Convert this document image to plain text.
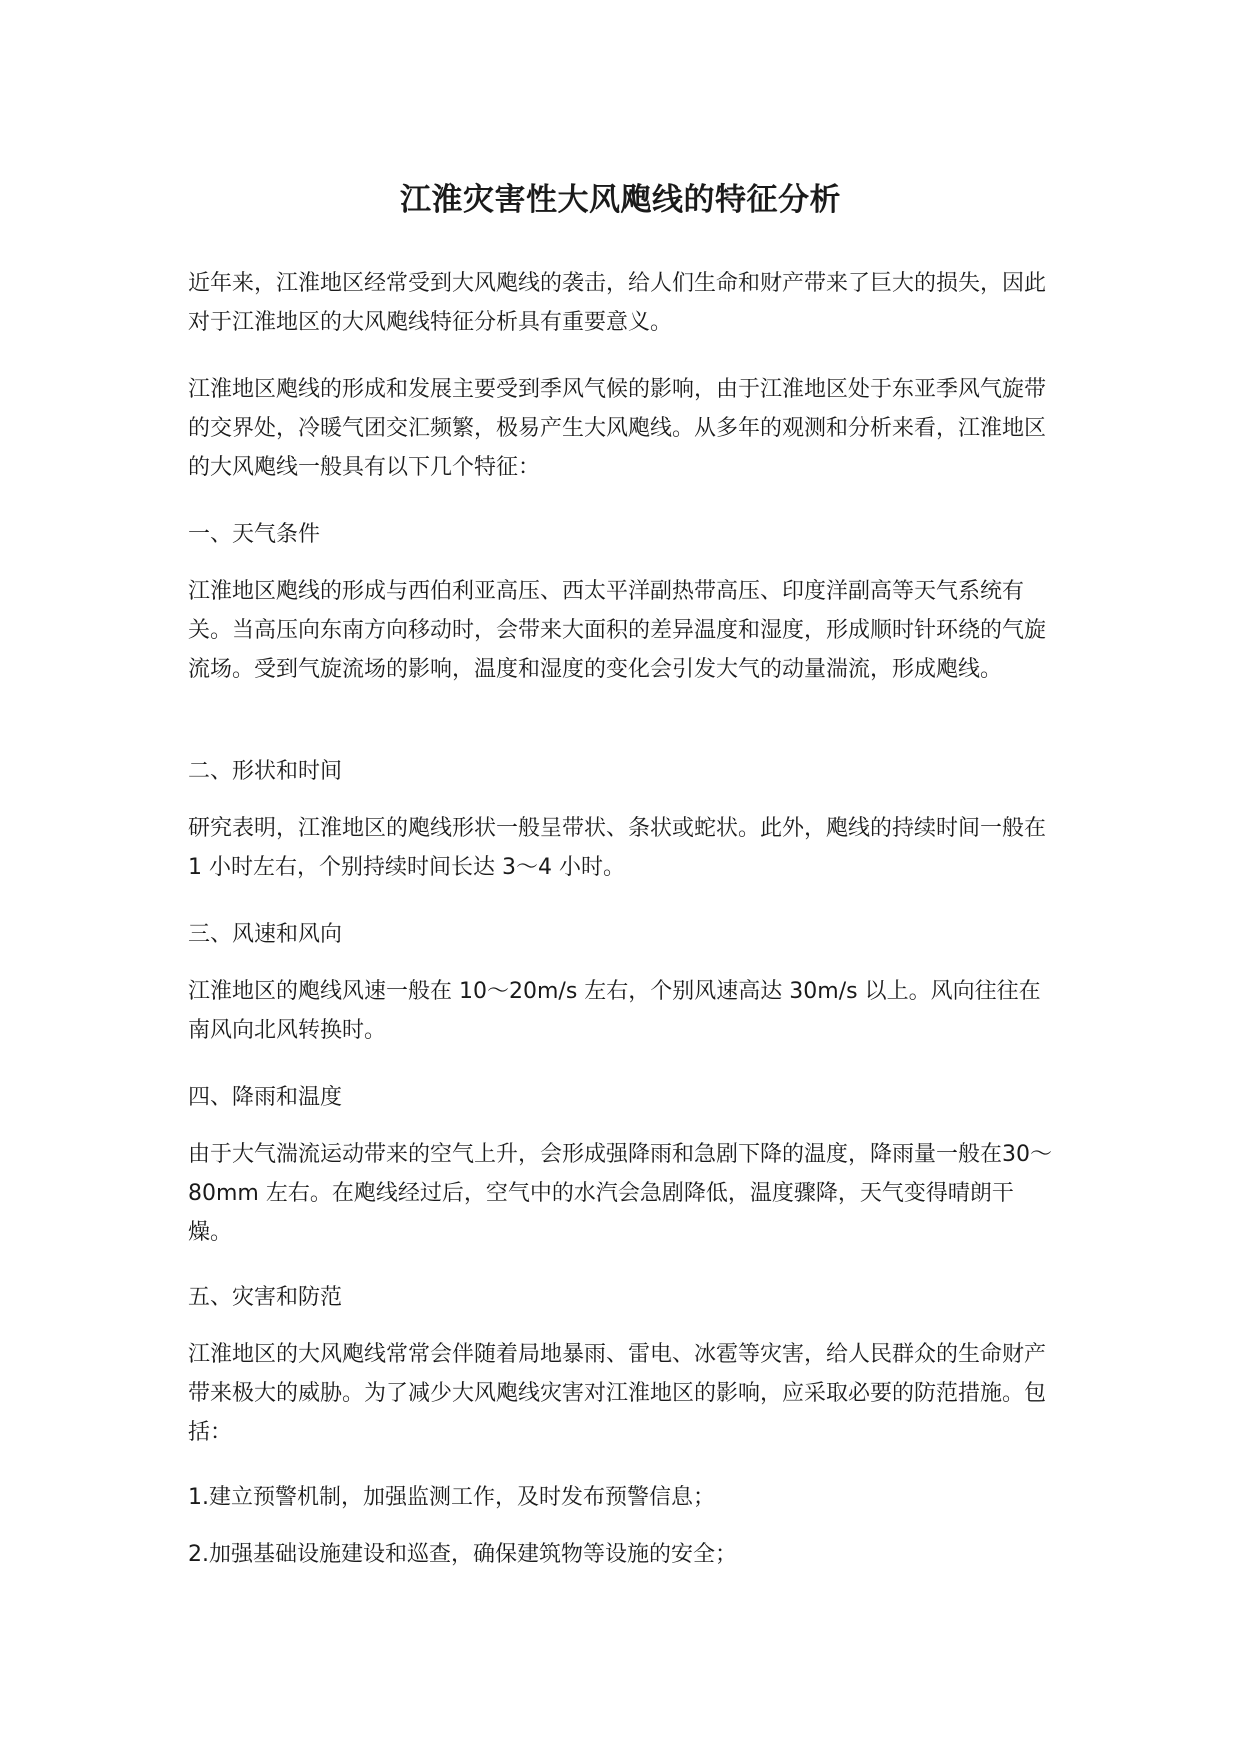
江淮灾害性大风飑线的特征分析

近年来，江淮地区经常受到大风飑线的袭击，给人们生命和财产带来了巨大的损失，因此对于江淮地区的大风飑线特征分析具有重要意义。

江淮地区飑线的形成和发展主要受到季风气候的影响，由于江淮地区处于东亚季风气旋带的交界处，冷暖气团交汇频繁，极易产生大风飑线。从多年的观测和分析来看，江淮地区的大风飑线一般具有以下几个特征：

一、天气条件

江淮地区飑线的形成与西伯利亚高压、西太平洋副热带高压、印度洋副高等天气系统有关。当高压向东南方向移动时，会带来大面积的差异温度和湿度，形成顺时针环绕的气旋流场。受到气旋流场的影响，温度和湿度的变化会引发大气的动量湍流，形成飑线。

二、形状和时间

研究表明，江淮地区的飑线形状一般呈带状、条状或蛇状。此外，飑线的持续时间一般在 1 小时左右，个别持续时间长达 3～4 小时。

三、风速和风向

江淮地区的飑线风速一般在 10～20m/s 左右，个别风速高达 30m/s 以上。风向往往在南风向北风转换时。

四、降雨和温度

由于大气湍流运动带来的空气上升，会形成强降雨和急剧下降的温度，降雨量一般在30～80mm 左右。在飑线经过后，空气中的水汽会急剧降低，温度骤降，天气变得晴朗干燥。

五、灾害和防范

江淮地区的大风飑线常常会伴随着局地暴雨、雷电、冰雹等灾害，给人民群众的生命财产带来极大的威胁。为了减少大风飑线灾害对江淮地区的影响，应采取必要的防范措施。包括：

1.建立预警机制，加强监测工作，及时发布预警信息；

2.加强基础设施建设和巡查，确保建筑物等设施的安全；
